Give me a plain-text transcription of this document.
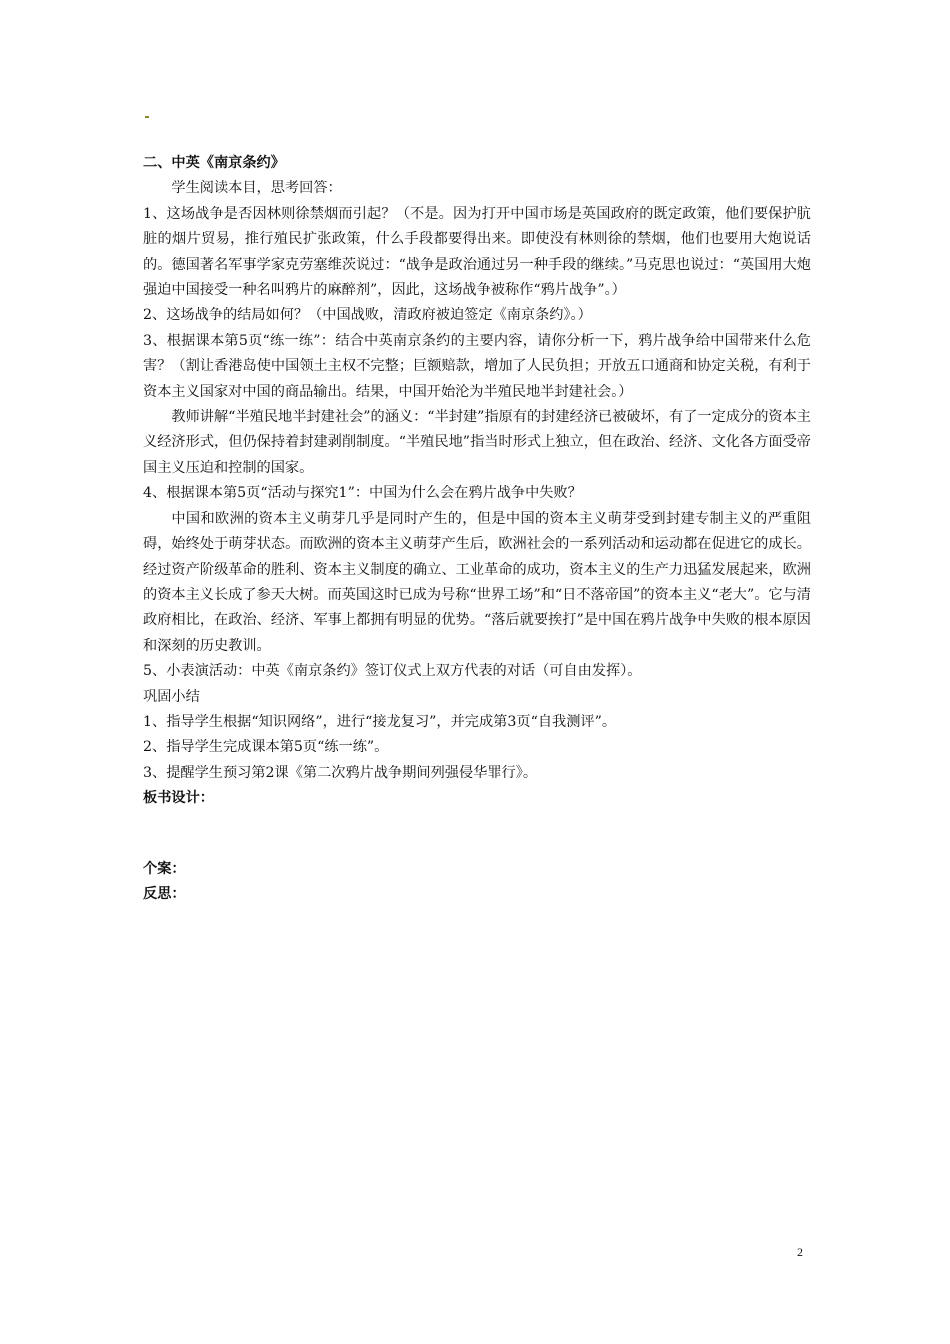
二、中英《南京条约》

学生阅读本目，思考回答：

1、这场战争是否因林则徐禁烟而引起？（不是。因为打开中国市场是英国政府的既定政策，他们要保护肮脏的烟片贸易，推行殖民扩张政策，什么手段都要得出来。即使没有林则徐的禁烟，他们也要用大炮说话的。德国著名军事学家克劳塞维茨说过：“战争是政治通过另一种手段的继续。”马克思也说过：“英国用大炮强迫中国接受一种名叫鸦片的麻醉剂”，因此，这场战争被称作“鸦片战争”。）

2、这场战争的结局如何？（中国战败，清政府被迫签定《南京条约》。）

3、根据课本第5页“练一练”：结合中英南京条约的主要内容，请你分析一下，鸦片战争给中国带来什么危害？（割让香港岛使中国领土主权不完整；巨额赔款，增加了人民负担；开放五口通商和协定关税，有利于资本主义国家对中国的商品输出。结果，中国开始沦为半殖民地半封建社会。）

教师讲解“半殖民地半封建社会”的涵义：“半封建”指原有的封建经济已被破坏，有了一定成分的资本主义经济形式，但仍保持着封建剥削制度。“半殖民地”指当时形式上独立，但在政治、经济、文化各方面受帝国主义压迫和控制的国家。

4、根据课本第5页“活动与探究1”：中国为什么会在鸦片战争中失败？

中国和欧洲的资本主义萌芽几乎是同时产生的，但是中国的资本主义萌芽受到封建专制主义的严重阻碍，始终处于萌芽状态。而欧洲的资本主义萌芽产生后，欧洲社会的一系列活动和运动都在促进它的成长。经过资产阶级革命的胜利、资本主义制度的确立、工业革命的成功，资本主义的生产力迅猛发展起来，欧洲的资本主义长成了参天大树。而英国这时已成为号称“世界工场”和“日不落帝国”的资本主义“老大”。它与清政府相比，在政治、经济、军事上都拥有明显的优势。“落后就要挨打”是中国在鸦片战争中失败的根本原因和深刻的历史教训。

5、小表演活动：中英《南京条约》签订仪式上双方代表的对话（可自由发挥）。

巩固小结

1、指导学生根据“知识网络”，进行“接龙复习”，并完成第3页“自我测评”。

2、指导学生完成课本第5页“练一练”。

3、提醒学生预习第2课《第二次鸦片战争期间列强侵华罪行》。

板书设计：

个案：

反思：

2
